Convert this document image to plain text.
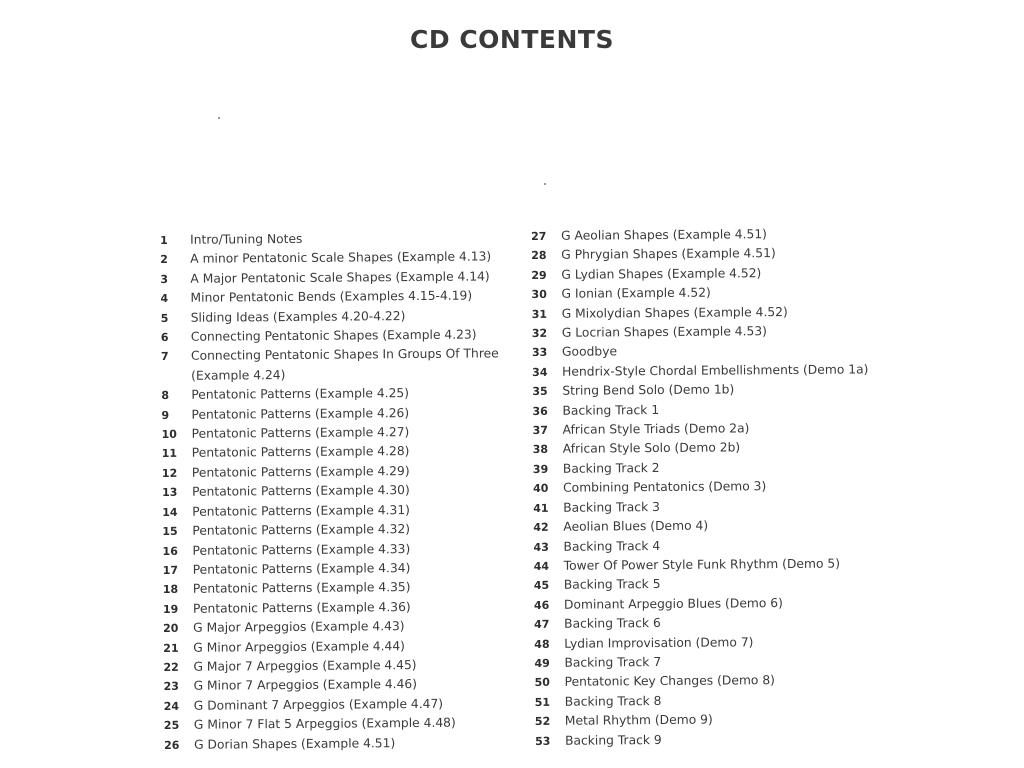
CD CONTENTS
1	Intro/Tuning Notes
2	A minor Pentatonic Scale Shapes (Example 4.13)
3	A Major Pentatonic Scale Shapes (Example 4.14)
4	Minor Pentatonic Bends (Examples 4.15-4.19)
5	Sliding Ideas (Examples 4.20-4.22)
6	Connecting Pentatonic Shapes (Example 4.23)
7	Connecting Pentatonic Shapes In Groups Of Three (Example 4.24)
8	Pentatonic Patterns (Example 4.25)
9	Pentatonic Patterns (Example 4.26)
10	Pentatonic Patterns (Example 4.27)
11	Pentatonic Patterns (Example 4.28)
12	Pentatonic Patterns (Example 4.29)
13	Pentatonic Patterns (Example 4.30)
14	Pentatonic Patterns (Example 4.31)
15	Pentatonic Patterns (Example 4.32)
16	Pentatonic Patterns (Example 4.33)
17	Pentatonic Patterns (Example 4.34)
18	Pentatonic Patterns (Example 4.35)
19	Pentatonic Patterns (Example 4.36)
20	G Major Arpeggios (Example 4.43)
21	G Minor Arpeggios (Example 4.44)
22	G Major 7 Arpeggios (Example 4.45)
23	G Minor 7 Arpeggios (Example 4.46)
24	G Dominant 7 Arpeggios (Example 4.47)
25	G Minor 7 Flat 5 Arpeggios (Example 4.48)
26	G Dorian Shapes (Example 4.51)
27	G Aeolian Shapes (Example 4.51)
28	G Phrygian Shapes (Example 4.51)
29	G Lydian Shapes (Example 4.52)
30	G Ionian (Example 4.52)
31	G Mixolydian Shapes (Example 4.52)
32	G Locrian Shapes (Example 4.53)
33	Goodbye
34	Hendrix-Style Chordal Embellishments (Demo 1a)
35	String Bend Solo (Demo 1b)
36	Backing Track 1
37	African Style Triads (Demo 2a)
38	African Style Solo (Demo 2b)
39	Backing Track 2
40	Combining Pentatonics (Demo 3)
41	Backing Track 3
42	Aeolian Blues (Demo 4)
43	Backing Track 4
44	Tower Of Power Style Funk Rhythm (Demo 5)
45	Backing Track 5
46	Dominant Arpeggio Blues (Demo 6)
47	Backing Track 6
48	Lydian Improvisation (Demo 7)
49	Backing Track 7
50	Pentatonic Key Changes (Demo 8)
51	Backing Track 8
52	Metal Rhythm (Demo 9)
53	Backing Track 9
